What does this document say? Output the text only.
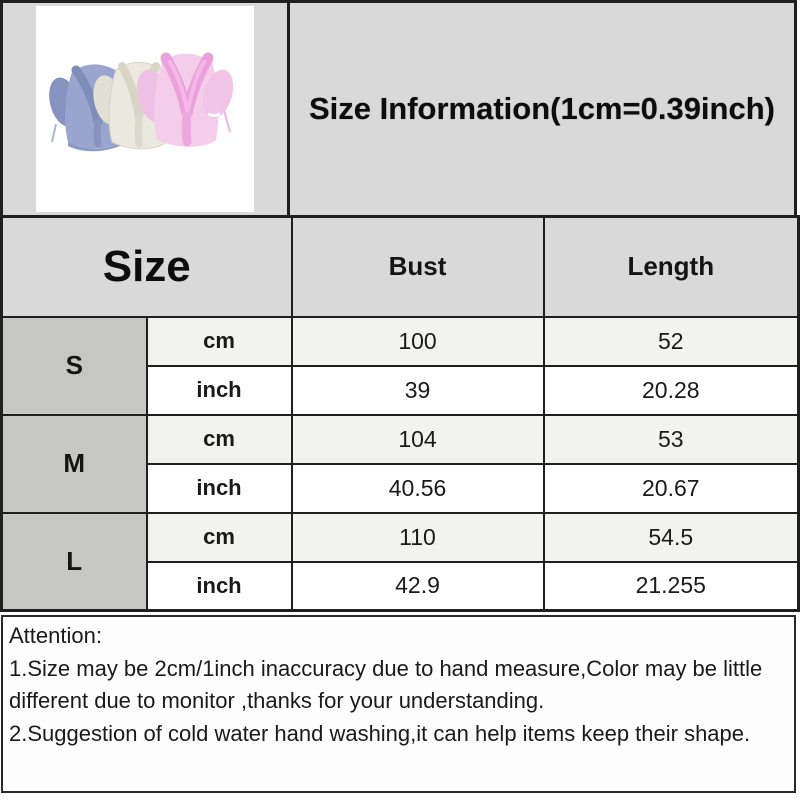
Size Information(1cm=0.39inch)
Size		Bust	Length
S	cm	100	52
	inch	39	20.28
M	cm	104	53
	inch	40.56	20.67
L	cm	110	54.5
	inch	42.9	21.255
Attention:
1.Size may be 2cm/1inch inaccuracy due to hand measure,Color may be little different due to monitor ,thanks for your understanding.
2.Suggestion of cold water hand washing,it can help items keep their shape.
